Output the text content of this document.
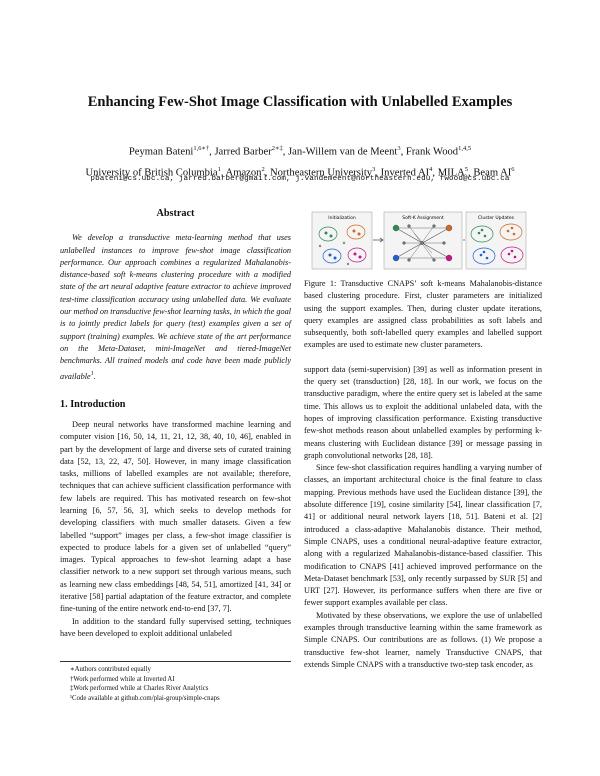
Enhancing Few-Shot Image Classification with Unlabelled Examples
Peyman Bateni$^{1,6∗\dagger}$, Jarred Barber$^{2∗\ddagger}$, Jan-Willem van de Meent$^3$, Frank Wood$^{1,4,5}$
University of British Columbia$^1$, Amazon$^2$, Northeastern University$^3$, Inverted $AI^4$, MILA$^5$, Beam $AI^6$
pbateni@cs.ubc.ca, jarred.barber@gmail.com, j.vandemeent@northeastern.edu, fwood@cs.ubc.ca
Abstract

We develop a transductive meta-learning method that uses unlabelled instances to improve few-shot image classification performance. Our approach combines a regularized Mahalanobis-distance-based soft k-means clustering procedure with a modified state of the art neural adaptive feature extractor to achieve improved test-time classification accuracy using unlabelled data. We evaluate our method on transductive few-shot learning tasks, in which the goal is to jointly predict labels for query (test) examples given a set of support (training) examples. We achieve state of the art performance on the Meta-Dataset, mini-ImageNet and tiered-ImageNet benchmarks. All trained models and code have been made publicly available$^1$.

1. Introduction

Deep neural networks have transformed machine learning and computer vision [16, 50, 14, 11, 21, 12, 38, 40, 10, 46], enabled in part by the development of large and diverse sets of curated training data [52, 13, 22, 47, 50]. However, in many image classification tasks, millions of labelled examples are not available; therefore, techniques that can achieve sufficient classification performance with few labels are required. This has motivated research on few-shot learning [6, 57, 56, 3], which seeks to develop methods for developing classifiers with much smaller datasets. Given a few labelled “support” images per class, a few-shot image classifier is expected to produce labels for a given set of unlabelled “query” images. Typical approaches to few-shot learning adapt a base classifier network to a new support set through various means, such as learning new class embeddings [48, 54, 51], amortized [41, 34] or iterative [58] partial adaptation of the feature extractor, and complete fine-tuning of the entire network end-to-end [37, 7].

In addition to the standard fully supervised setting, techniques have been developed to exploit additional unlabeled

∗Authors contributed equally
†Work performed while at Inverted AI
‡Work performed while at Charles River Analytics
¹Code available at github.com/plai-group/simple-cnaps
Initialization	Soft-K Assignment	Cluster Updates
Figure 1: Transductive CNAPS’ soft k-means Mahalanobis-distance based clustering procedure. First, cluster parameters are initialized using the support examples. Then, during cluster update iterations, query examples are assigned class probabilities as soft labels and subsequently, both soft-labelled query examples and labelled support examples are used to estimate new cluster parameters.

support data (semi-supervision) [39] as well as information present in the query set (transduction) [28, 18]. In our work, we focus on the transductive paradigm, where the entire query set is labeled at the same time. This allows us to exploit the additional unlabeled data, with the hopes of improving classification performance. Existing transductive few-shot methods reason about unlabelled examples by performing k-means clustering with Euclidean distance [39] or message passing in graph convolutional networks [28, 18].

Since few-shot classification requires handling a varying number of classes, an important architectural choice is the final feature to class mapping. Previous methods have used the Euclidean distance [39], the absolute difference [19], cosine similarity [54], linear classification [7, 41] or additional neural network layers [18, 51]. Bateni et al. [2] introduced a class-adaptive Mahalanobis distance. Their method, Simple CNAPS, uses a conditional neural-adaptive feature extractor, along with a regularized Mahalanobis-distance-based classifier. This modification to CNAPS [41] achieved improved performance on the Meta-Dataset benchmark [53], only recently surpassed by SUR [5] and URT [27]. However, its performance suffers when there are five or fewer support examples available per class.

Motivated by these observations, we explore the use of unlabelled examples through transductive learning within the same framework as Simple CNAPS. Our contributions are as follows. (1) We propose a transductive few-shot learner, namely Transductive CNAPS, that extends Simple CNAPS with a transductive two-step task encoder, as
